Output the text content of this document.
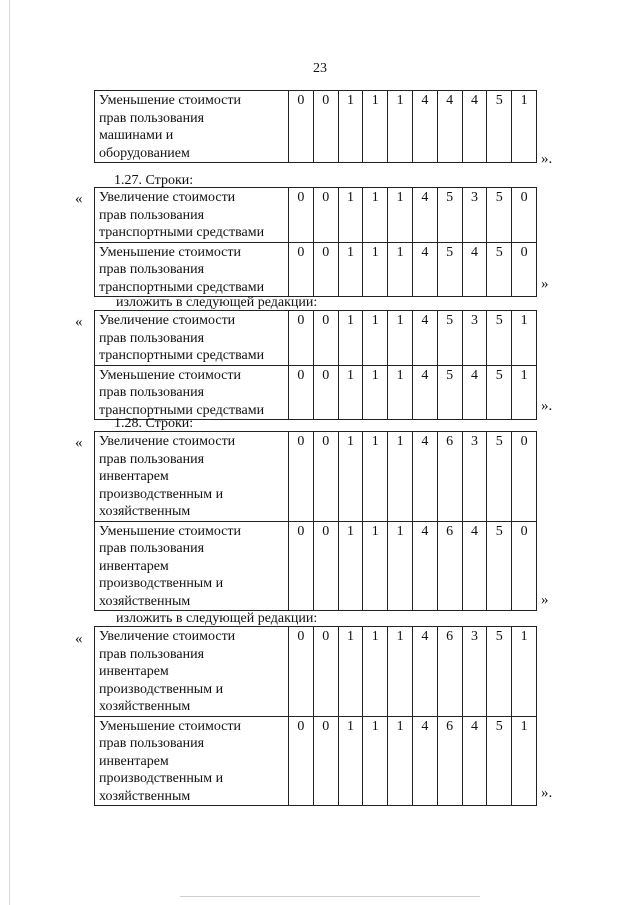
23
».
Уменьшение стоимости
прав пользования
машинами и
оборудованием
	0	0	1	1	1	4	4	4	5	1
1.27. Строки:
«
»
Увеличение стоимости
прав пользования
транспортными средствами	0	0	1	1	1	4	5	3	5	0

Уменьшение стоимости
прав пользования
транспортными средствами	0	0	1	1	1	4	5	4	5	0
изложить в следующей редакции:
«
».
Увеличение стоимости
прав пользования
транспортными средствами	0	0	1	1	1	4	5	3	5	1

Уменьшение стоимости
прав пользования
транспортными средствами	0	0	1	1	1	4	5	4	5	1
1.28. Строки:
«
»
Увеличение стоимости
прав пользования
инвентарем
производственным и
хозяйственным	0	0	1	1	1	4	6	3	5	0

Уменьшение стоимости
прав пользования
инвентарем
производственным и
хозяйственным	0	0	1	1	1	4	6	4	5	0
изложить в следующей редакции:
«
».
Увеличение стоимости
прав пользования
инвентарем
производственным и
хозяйственным	0	0	1	1	1	4	6	3	5	1

Уменьшение стоимости
прав пользования
инвентарем
производственным и
хозяйственным	0	0	1	1	1	4	6	4	5	1
